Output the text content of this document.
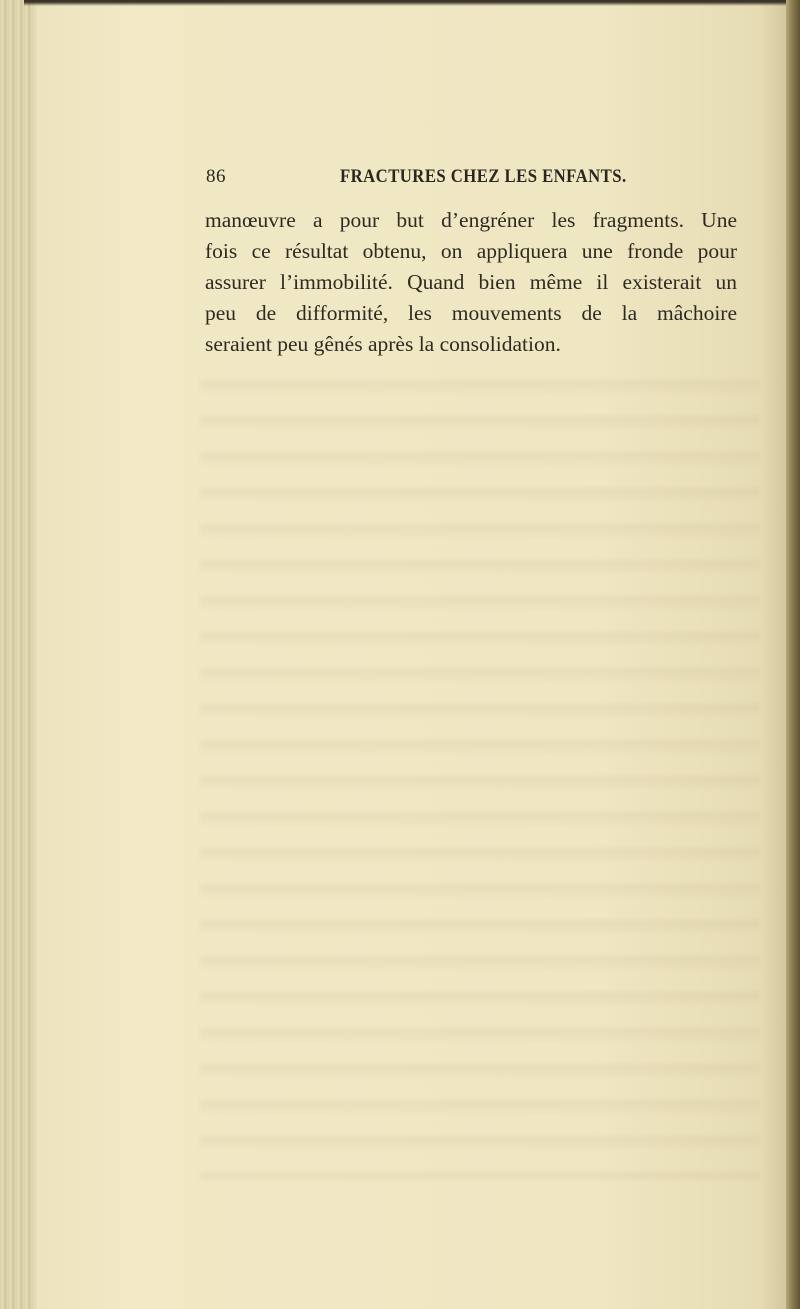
86	FRACTURES CHEZ LES ENFANTS.
manœuvre a pour but d’engréner les fragments. Une
fois ce résultat obtenu, on appliquera une fronde pour
assurer l’immobilité. Quand bien même il existerait un
peu de difformité, les mouvements de la mâchoire
seraient peu gênés après la consolidation.
